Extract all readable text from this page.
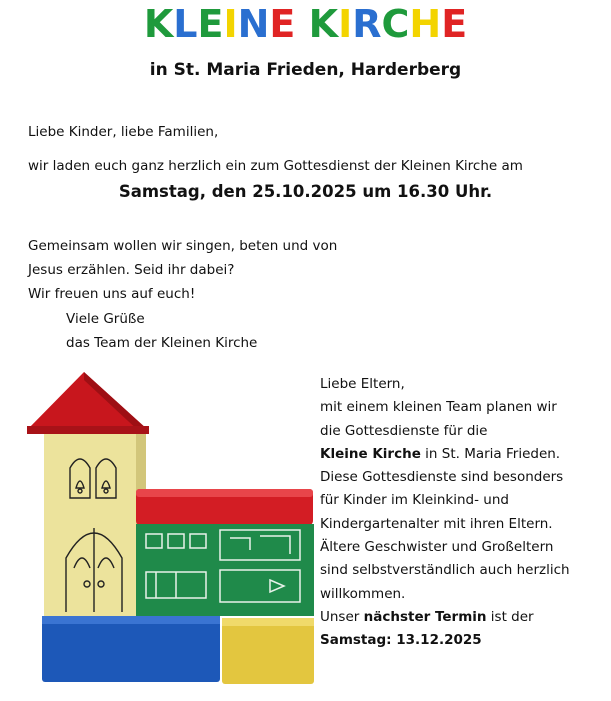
KLEINE KIRCHE
in St. Maria Frieden, Harderberg
Liebe Kinder, liebe Familien,
wir laden euch ganz herzlich ein zum Gottesdienst der Kleinen Kirche am
Samstag, den 25.10.2025 um 16.30 Uhr.
Gemeinsam wollen wir singen, beten und von
Jesus erzählen. Seid ihr dabei?
Wir freuen uns auf euch!
Viele Grüße
das Team der Kleinen Kirche
Liebe Eltern,
mit einem kleinen Team planen wir
die Gottesdienste für die
Kleine Kirche in St. Maria Frieden.
Diese Gottesdienste sind besonders
für Kinder im Kleinkind- und
Kindergartenalter mit ihren Eltern.
Ältere Geschwister und Großeltern
sind selbstverständlich auch herzlich
willkommen.
Unser nächster Termin ist der
Samstag: 13.12.2025
